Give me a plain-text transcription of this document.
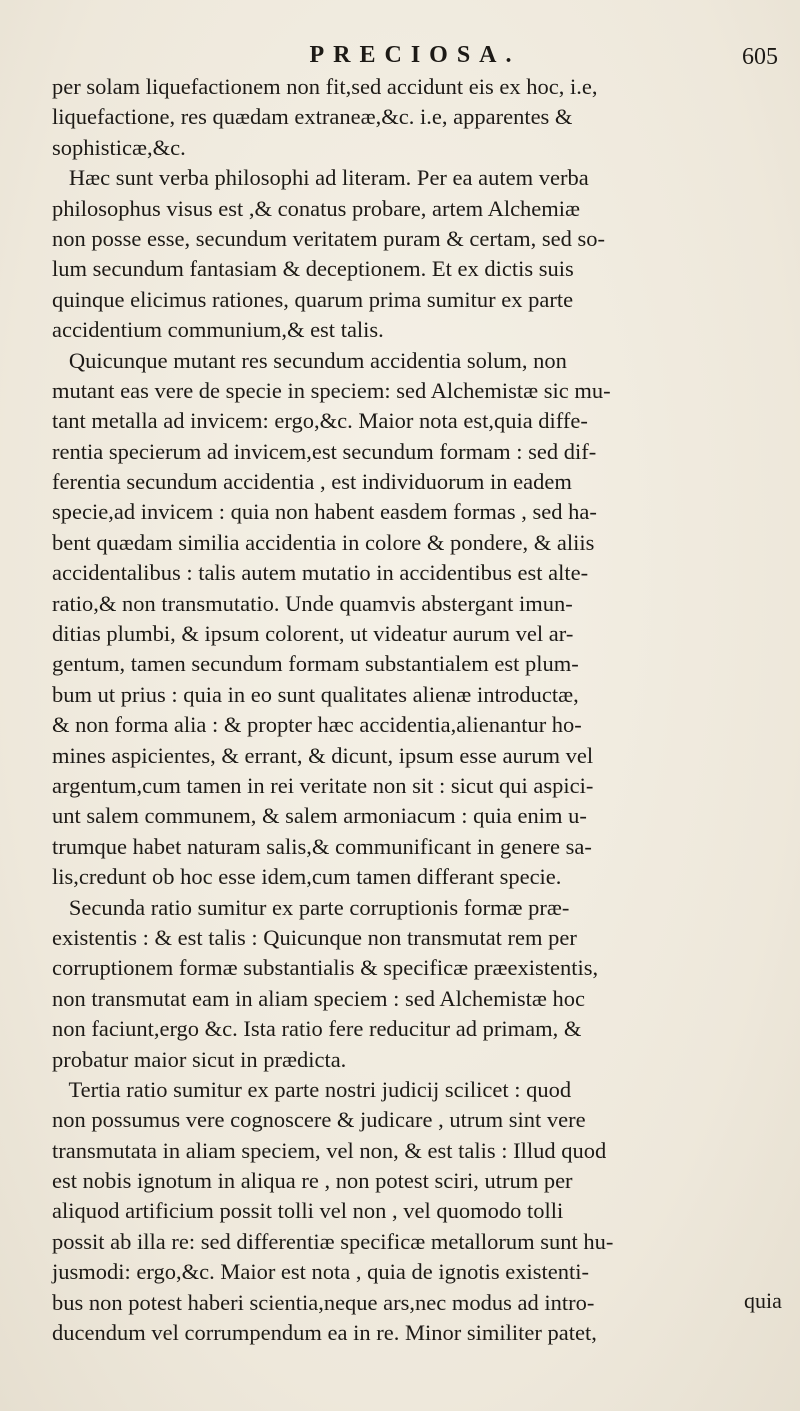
PRECIOSA.	605
per solam liquefactionem non fit,sed accidunt eis ex hoc, i.e,
liquefactione, res quædam extraneæ,&c. i.e, apparentes &
sophisticæ,&c.
Hæc sunt verba philosophi ad literam. Per ea autem verba
philosophus visus est ,& conatus probare, artem Alchemiæ
non posse esse, secundum veritatem puram & certam, sed so-
lum secundum fantasiam & deceptionem. Et ex dictis suis
quinque elicimus rationes, quarum prima sumitur ex parte
accidentium communium,& est talis.
Quicunque mutant res secundum accidentia solum, non
mutant eas vere de specie in speciem: sed Alchemistæ sic mu-
tant metalla ad invicem: ergo,&c. Maior nota est,quia diffe-
rentia specierum ad invicem,est secundum formam : sed dif-
ferentia secundum accidentia , est individuorum in eadem
specie,ad invicem : quia non habent easdem formas , sed ha-
bent quædam similia accidentia in colore & pondere, & aliis
accidentalibus : talis autem mutatio in accidentibus est alte-
ratio,& non transmutatio. Unde quamvis abstergant imun-
ditias plumbi, & ipsum colorent, ut videatur aurum vel ar-
gentum, tamen secundum formam substantialem est plum-
bum ut prius : quia in eo sunt qualitates alienæ introductæ,
& non forma alia : & propter hæc accidentia,alienantur ho-
mines aspicientes, & errant, & dicunt, ipsum esse aurum vel
argentum,cum tamen in rei veritate non sit : sicut qui aspici-
unt salem communem, & salem armoniacum : quia enim u-
trumque habet naturam salis,& communificant in genere sa-
lis,credunt ob hoc esse idem,cum tamen differant specie.
Secunda ratio sumitur ex parte corruptionis formæ præ-
existentis : & est talis : Quicunque non transmutat rem per
corruptionem formæ substantialis & specificæ præexistentis,
non transmutat eam in aliam speciem : sed Alchemistæ hoc
non faciunt,ergo &c. Ista ratio fere reducitur ad primam, &
probatur maior sicut in prædicta.
Tertia ratio sumitur ex parte nostri judicij scilicet : quod
non possumus vere cognoscere & judicare , utrum sint vere
transmutata in aliam speciem, vel non, & est talis : Illud quod
est nobis ignotum in aliqua re , non potest sciri, utrum per
aliquod artificium possit tolli vel non , vel quomodo tolli
possit ab illa re: sed differentiæ specificæ metallorum sunt hu-
jusmodi: ergo,&c. Maior est nota , quia de ignotis existenti-
bus non potest haberi scientia,neque ars,nec modus ad intro-
ducendum vel corrumpendum ea in re. Minor similiter patet,
quia
